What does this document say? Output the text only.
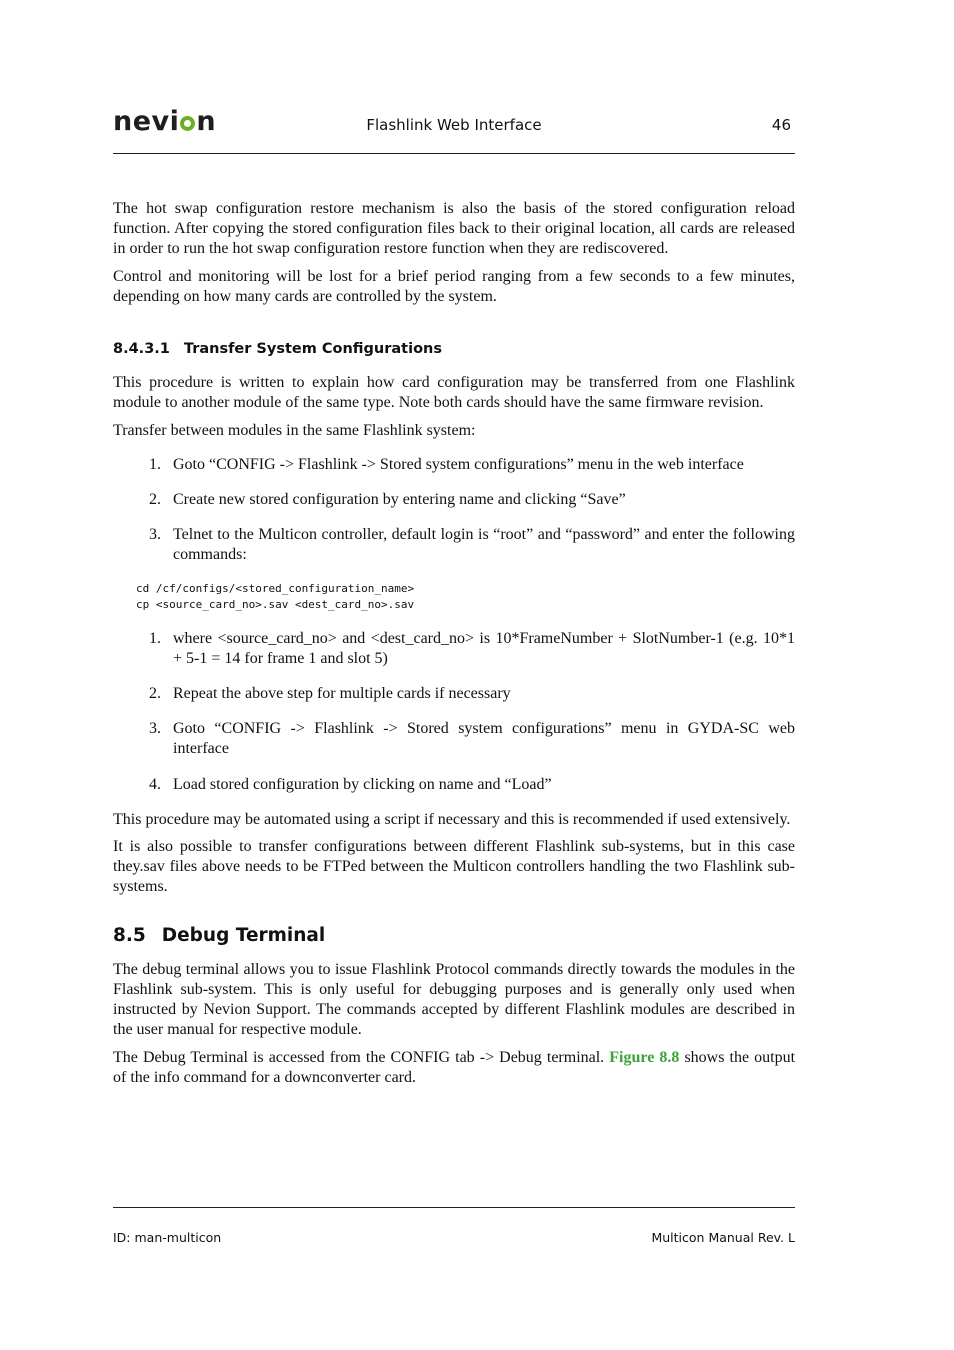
nevi n	Flashlink Web Interface	46

The hot swap configuration restore mechanism is also the basis of the stored configuration reload function. After copying the stored configuration files back to their original location, all cards are released in order to run the hot swap configuration restore function when they are rediscovered.

Control and monitoring will be lost for a brief period ranging from a few seconds to a few minutes, depending on how many cards are controlled by the system.

8.4.3.1 Transfer System Configurations

This procedure is written to explain how card configuration may be transferred from one Flashlink module to another module of the same type. Note both cards should have the same firmware revision.

Transfer between modules in the same Flashlink system:

1. Goto “CONFIG -> Flashlink -> Stored system configurations” menu in the web interface
2. Create new stored configuration by entering name and clicking “Save”
3. Telnet to the Multicon controller, default login is “root” and “password” and enter the following commands:
cd /cf/configs/<stored_configuration_name>
cp <source_card_no>.sav <dest_card_no>.sav
1. where <source_card_no> and <dest_card_no> is 10*FrameNumber + SlotNumber-1 (e.g. 10*1 + 5-1 = 14 for frame 1 and slot 5)
2. Repeat the above step for multiple cards if necessary
3. Goto “CONFIG -> Flashlink -> Stored system configurations” menu in GYDA-SC web interface
4. Load stored configuration by clicking on name and “Load”

This procedure may be automated using a script if necessary and this is recommended if used extensively.

It is also possible to transfer configurations between different Flashlink sub-systems, but in this case they.sav files above needs to be FTPed between the Multicon controllers handling the two Flashlink sub-systems.

8.5 Debug Terminal

The debug terminal allows you to issue Flashlink Protocol commands directly towards the modules in the Flashlink sub-system. This is only useful for debugging purposes and is generally only used when instructed by Nevion Support. The commands accepted by different Flashlink modules are described in the user manual for respective module.

The Debug Terminal is accessed from the CONFIG tab -> Debug terminal. Figure 8.8 shows the output of the info command for a downconverter card.

ID: man-multicon	Multicon Manual Rev. L
